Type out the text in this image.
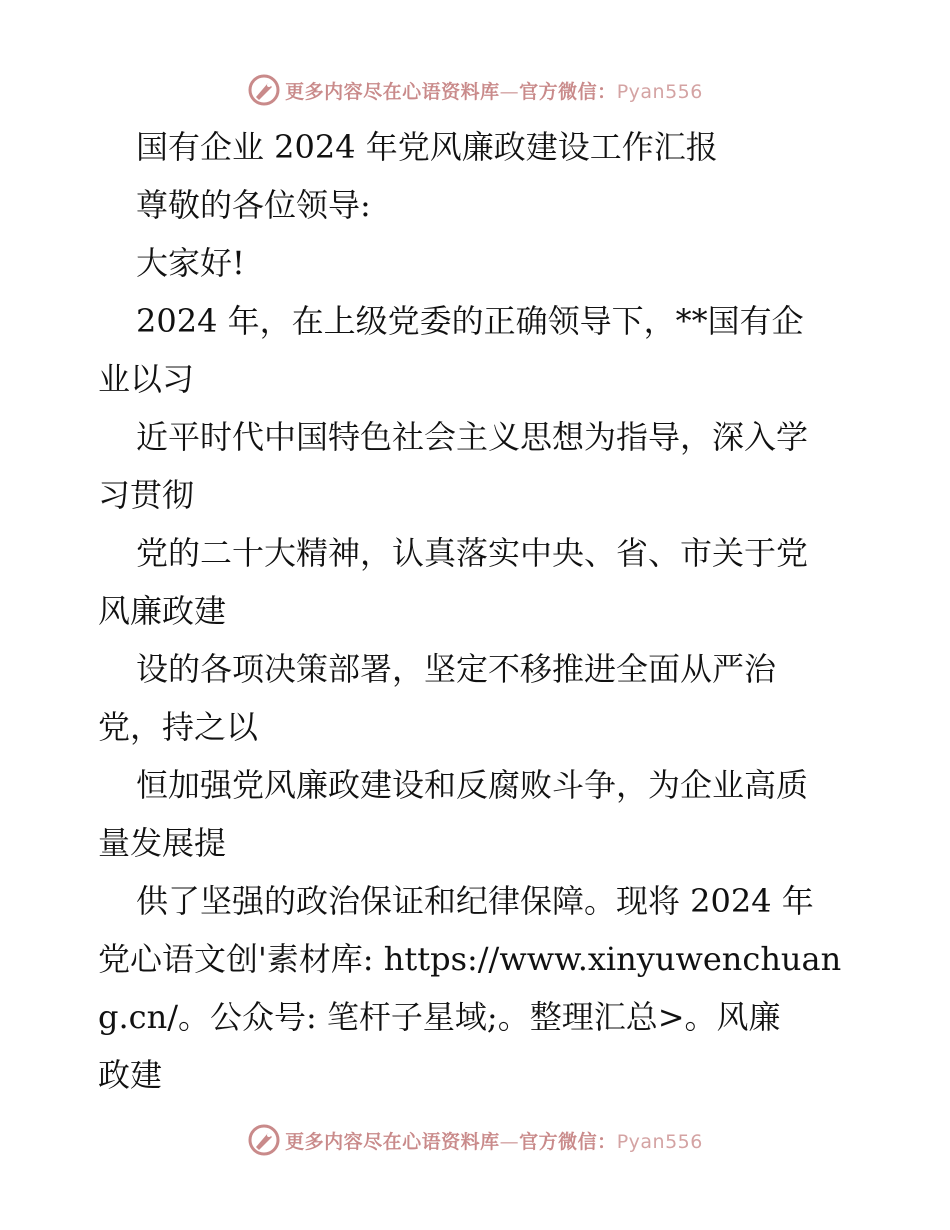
更多内容尽在心语资料库—官方微信：Pyan556
国有企业 2024 年党风廉政建设工作汇报
尊敬的各位领导:
大家好!
2024 年，在上级党委的正确领导下，**国有企
业以习
近平时代中国特色社会主义思想为指导，深入学
习贯彻
党的二十大精神，认真落实中央、省、市关于党
风廉政建
设的各项决策部署，坚定不移推进全面从严治
党，持之以
恒加强党风廉政建设和反腐败斗争，为企业高质
量发展提
供了坚强的政治保证和纪律保障。现将 2024 年
党心语文创'素材库: https://www.xinyuwenchuan
g.cn/。公众号: 笔杆子星域;。整理汇总>。风廉
政建
更多内容尽在心语资料库—官方微信：Pyan556
